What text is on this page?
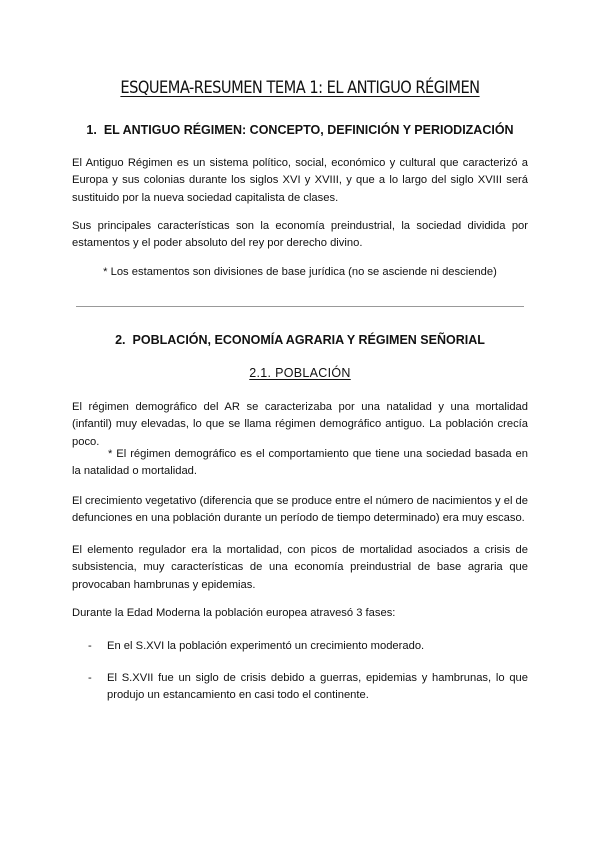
ESQUEMA-RESUMEN TEMA 1: EL ANTIGUO RÉGIMEN
1. EL ANTIGUO RÉGIMEN: CONCEPTO, DEFINICIÓN Y PERIODIZACIÓN

El Antiguo Régimen es un sistema político, social, económico y cultural que caracterizó a Europa y sus colonias durante los siglos XVI y XVIII, y que a lo largo del siglo XVIII será sustituido por la nueva sociedad capitalista de clases.

Sus principales características son la economía preindustrial, la sociedad dividida por estamentos y el poder absoluto del rey por derecho divino.

* Los estamentos son divisiones de base jurídica (no se asciende ni desciende)
2. POBLACIÓN, ECONOMÍA AGRARIA Y RÉGIMEN SEÑORIAL
2.1. POBLACIÓN

El régimen demográfico del AR se caracterizaba por una natalidad y una mortalidad (infantil) muy elevadas, lo que se llama régimen demográfico antiguo. La población crecía poco.

* El régimen demográfico es el comportamiento que tiene una sociedad basada en la natalidad o mortalidad.

El crecimiento vegetativo (diferencia que se produce entre el número de nacimientos y el de defunciones en una población durante un período de tiempo determinado) era muy escaso.

El elemento regulador era la mortalidad, con picos de mortalidad asociados a crisis de subsistencia, muy características de una economía preindustrial de base agraria que provocaban hambrunas y epidemias.

Durante la Edad Moderna la población europea atravesó 3 fases:

- En el S.XVI la población experimentó un crecimiento moderado.
- El S.XVII fue un siglo de crisis debido a guerras, epidemias y hambrunas, lo que produjo un estancamiento en casi todo el continente.
